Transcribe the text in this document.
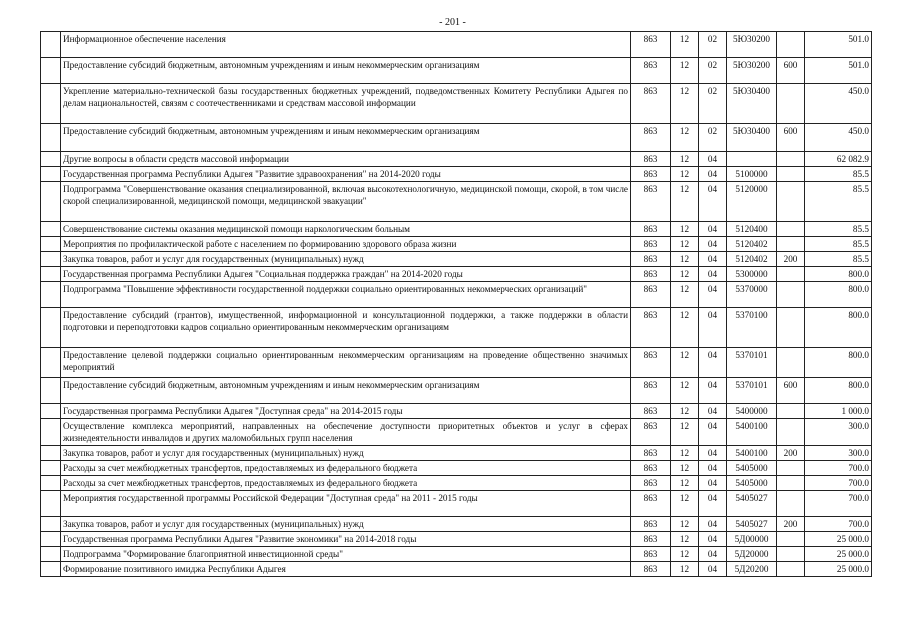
- 201 -
	Информационное обеспечение населения	863	12	02	5Ю30200		501.0
	Предоставление субсидий бюджетным, автономным учреждениям и иным некоммерческим организациям	863	12	02	5Ю30200	600	501.0
	Укрепление материально-технической базы государственных бюджетных учреждений, подведомственных Комитету Республики Адыгея по делам национальностей, связям с соотечественниками и средствам массовой информации	863	12	02	5Ю30400		450.0
	Предоставление субсидий бюджетным, автономным учреждениям и иным некоммерческим организациям	863	12	02	5Ю30400	600	450.0
	Другие вопросы в области средств массовой информации	863	12	04			62 082.9
	Государственная программа Республики Адыгея "Развитие здравоохранения" на 2014-2020 годы	863	12	04	5100000		85.5
	Подпрограмма "Совершенствование оказания специализированной, включая высокотехнологичную, медицинской помощи, скорой, в том числе скорой специализированной, медицинской помощи, медицинской эвакуации"	863	12	04	5120000		85.5
	Совершенствование системы оказания медицинской помощи наркологическим больным	863	12	04	5120400		85.5
	Мероприятия по профилактической работе с населением по формированию здорового образа жизни	863	12	04	5120402		85.5
	Закупка товаров, работ и услуг для государственных (муниципальных) нужд	863	12	04	5120402	200	85.5
	Государственная программа Республики Адыгея "Социальная поддержка граждан" на 2014-2020 годы	863	12	04	5300000		800.0
	Подпрограмма "Повышение эффективности государственной поддержки социально ориентированных некоммерческих организаций"	863	12	04	5370000		800.0
	Предоставление субсидий (грантов), имущественной, информационной и консультационной поддержки, а также поддержки в области подготовки и переподготовки кадров социально ориентированным некоммерческим организациям	863	12	04	5370100		800.0
	Предоставление целевой поддержки социально ориентированным некоммерческим организациям на проведение общественно значимых мероприятий	863	12	04	5370101		800.0
	Предоставление субсидий бюджетным, автономным учреждениям и иным некоммерческим организациям	863	12	04	5370101	600	800.0
	Государственная программа Республики Адыгея "Доступная среда" на 2014-2015 годы	863	12	04	5400000		1 000.0
	Осуществление комплекса мероприятий, направленных на обеспечение доступности приоритетных объектов и услуг в сферах жизнедеятельности инвалидов и других маломобильных групп населения	863	12	04	5400100		300.0
	Закупка товаров, работ и услуг для государственных (муниципальных) нужд	863	12	04	5400100	200	300.0
	Расходы за счет межбюджетных трансфертов, предоставляемых из федерального бюджета	863	12	04	5405000		700.0
	Расходы за счет межбюджетных трансфертов, предоставляемых из федерального бюджета	863	12	04	5405000		700.0
	Мероприятия государственной программы Российской Федерации "Доступная среда" на 2011 - 2015 годы	863	12	04	5405027		700.0
	Закупка товаров, работ и услуг для государственных (муниципальных) нужд	863	12	04	5405027	200	700.0
	Государственная программа Республики Адыгея "Развитие экономики" на 2014-2018 годы	863	12	04	5Д00000		25 000.0
	Подпрограмма "Формирование благоприятной инвестиционной среды"	863	12	04	5Д20000		25 000.0
	Формирование позитивного имиджа Республики Адыгея	863	12	04	5Д20200		25 000.0
